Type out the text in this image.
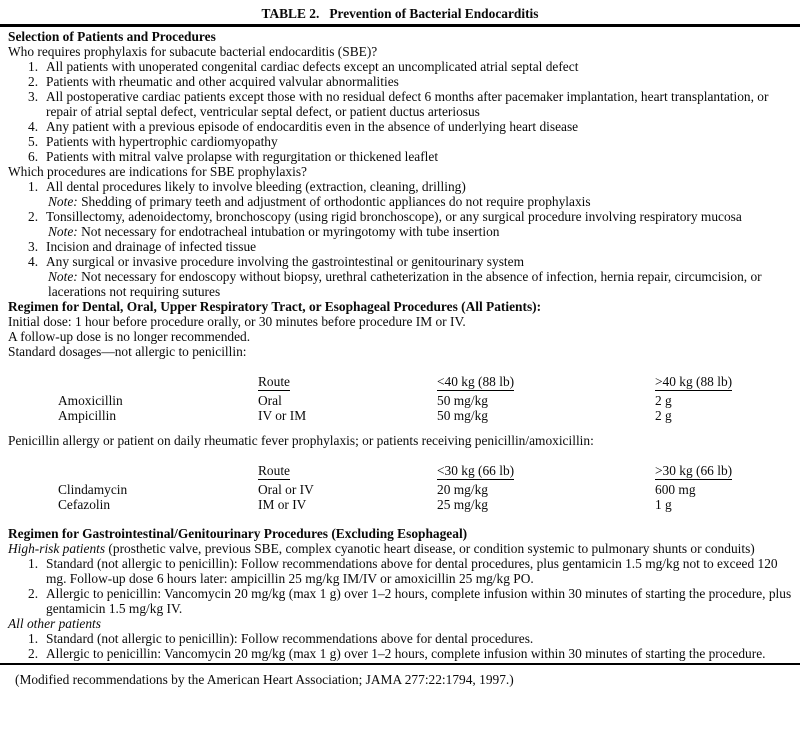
TABLE 2. Prevention of Bacterial Endocarditis
Selection of Patients and Procedures
Who requires prophylaxis for subacute bacterial endocarditis (SBE)?
1. All patients with unoperated congenital cardiac defects except an uncomplicated atrial septal defect
2. Patients with rheumatic and other acquired valvular abnormalities
3. All postoperative cardiac patients except those with no residual defect 6 months after pacemaker implantation, heart transplantation, or repair of atrial septal defect, ventricular septal defect, or patient ductus arteriosus
4. Any patient with a previous episode of endocarditis even in the absence of underlying heart disease
5. Patients with hypertrophic cardiomyopathy
6. Patients with mitral valve prolapse with regurgitation or thickened leaflet
Which procedures are indications for SBE prophylaxis?
1. All dental procedures likely to involve bleeding (extraction, cleaning, drilling)
Note: Shedding of primary teeth and adjustment of orthodontic appliances do not require prophylaxis
2. Tonsillectomy, adenoidectomy, bronchoscopy (using rigid bronchoscope), or any surgical procedure involving respiratory mucosa
Note: Not necessary for endotracheal intubation or myringotomy with tube insertion
3. Incision and drainage of infected tissue
4. Any surgical or invasive procedure involving the gastrointestinal or genitourinary system
Note: Not necessary for endoscopy without biopsy, urethral catheterization in the absence of infection, hernia repair, circumcision, or lacerations not requiring sutures
Regimen for Dental, Oral, Upper Respiratory Tract, or Esophageal Procedures (All Patients):
Initial dose: 1 hour before procedure orally, or 30 minutes before procedure IM or IV.
A follow-up dose is no longer recommended.
Standard dosages—not allergic to penicillin:
Route	<40 kg (88 lb)	>40 kg (88 lb)
Amoxicillin	Oral	50 mg/kg	2 g
Ampicillin	IV or IM	50 mg/kg	2 g
Penicillin allergy or patient on daily rheumatic fever prophylaxis; or patients receiving penicillin/amoxicillin:
Route	<30 kg (66 lb)	>30 kg (66 lb)
Clindamycin	Oral or IV	20 mg/kg	600 mg
Cefazolin	IM or IV	25 mg/kg	1 g
Regimen for Gastrointestinal/Genitourinary Procedures (Excluding Esophageal)
High-risk patients (prosthetic valve, previous SBE, complex cyanotic heart disease, or condition systemic to pulmonary shunts or conduits)
1. Standard (not allergic to penicillin): Follow recommendations above for dental procedures, plus gentamicin 1.5 mg/kg not to exceed 120 mg. Follow-up dose 6 hours later: ampicillin 25 mg/kg IM/IV or amoxicillin 25 mg/kg PO.
2. Allergic to penicillin: Vancomycin 20 mg/kg (max 1 g) over 1–2 hours, complete infusion within 30 minutes of starting the procedure, plus gentamicin 1.5 mg/kg IV.
All other patients
1. Standard (not allergic to penicillin): Follow recommendations above for dental procedures.
2. Allergic to penicillin: Vancomycin 20 mg/kg (max 1 g) over 1–2 hours, complete infusion within 30 minutes of starting the procedure.
(Modified recommendations by the American Heart Association; JAMA 277:22:1794, 1997.)
